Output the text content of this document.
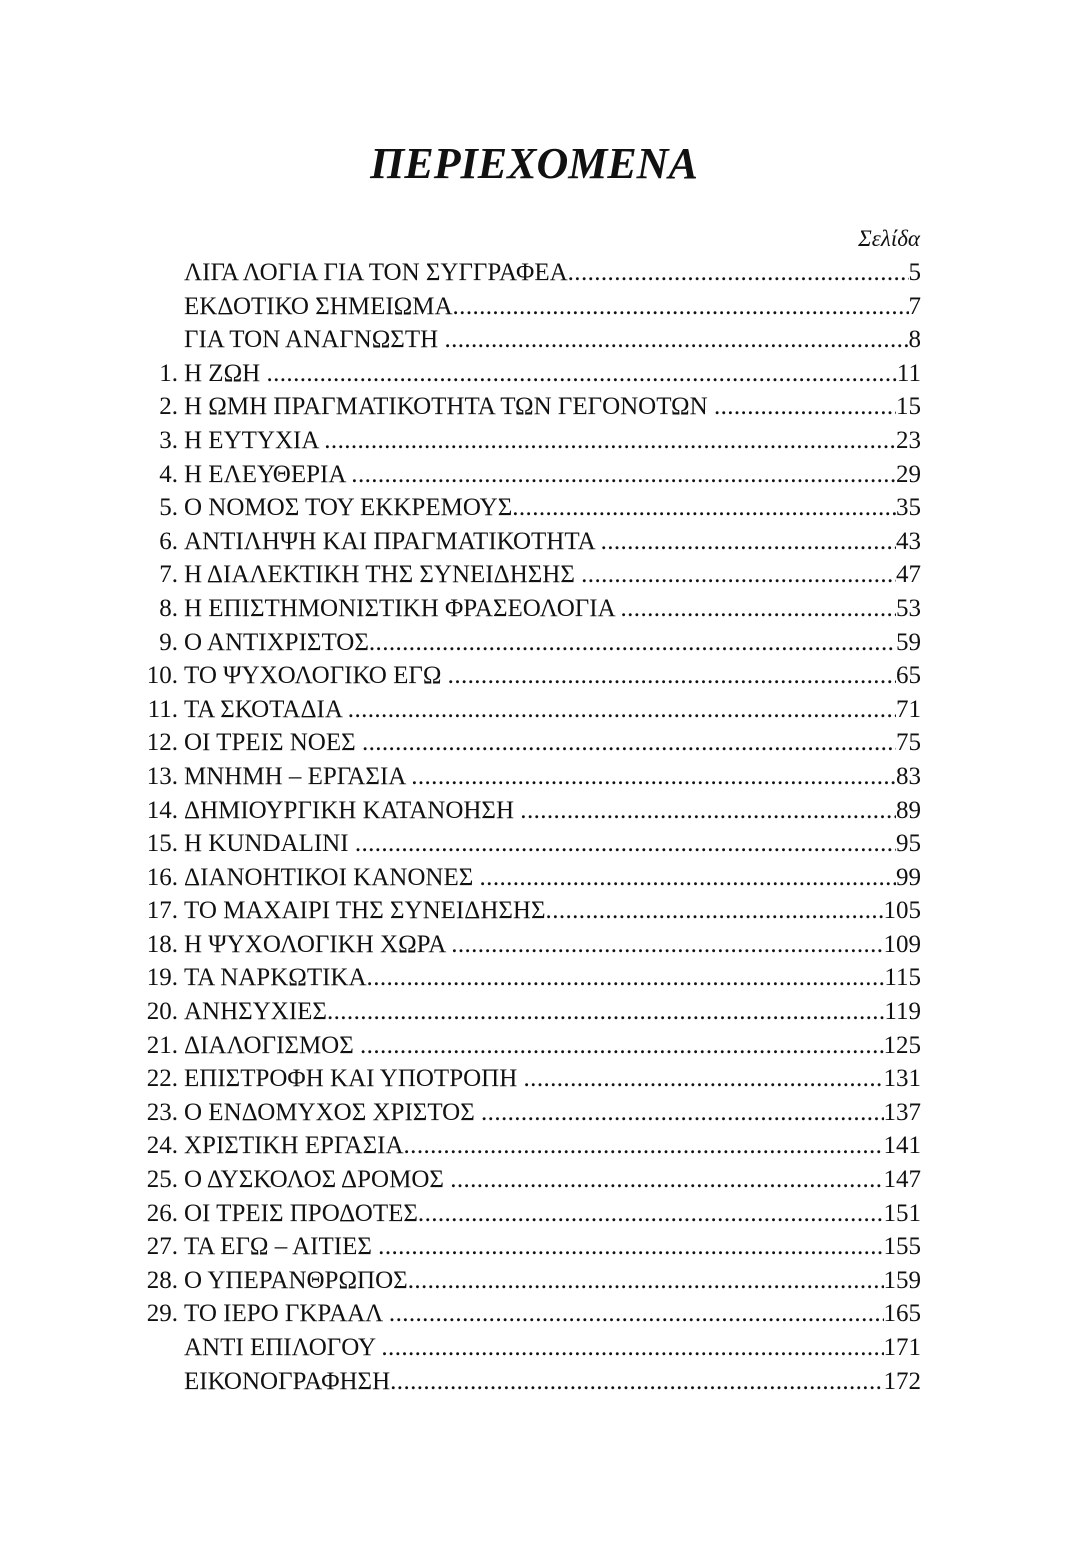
ΠΕΡΙΕΧΟΜΕΝΑ
Σελίδα
ΛΙΓΑ ΛΟΓΙΑ ΓΙΑ ΤΟΝ ΣΥΓΓΡΑΦΕΑ .....	5
ΕΚΔΟΤΙΚΟ ΣΗΜΕΙΩΜΑ .....	7
ΓΙΑ ΤΟΝ ΑΝΑΓΝΩΣΤΗ .....	8
1. Η ΖΩΗ .....	11
2. Η ΩΜΗ ΠΡΑΓΜΑΤΙΚΟΤΗΤΑ ΤΩΝ ΓΕΓΟΝΟΤΩΝ .....	15
3. Η ΕΥΤΥΧΙΑ .....	23
4. Η ΕΛΕΥΘΕΡΙΑ .....	29
5. Ο ΝΟΜΟΣ ΤΟΥ ΕΚΚΡΕΜΟΥΣ .....	35
6. ΑΝΤΙΛΗΨΗ ΚΑΙ ΠΡΑΓΜΑΤΙΚΟΤΗΤΑ .....	43
7. Η ΔΙΑΛΕΚΤΙΚΗ ΤΗΣ ΣΥΝΕΙΔΗΣΗΣ .....	47
8. Η ΕΠΙΣΤΗΜΟΝΙΣΤΙΚΗ ΦΡΑΣΕΟΛΟΓΙΑ .....	53
9. Ο ΑΝΤΙΧΡΙΣΤΟΣ .....	59
10. ΤΟ ΨΥΧΟΛΟΓΙΚΟ ΕΓΩ .....	65
11. ΤΑ ΣΚΟΤΑΔΙΑ .....	71
12. ΟΙ ΤΡΕΙΣ ΝΟΕΣ .....	75
13. ΜΝΗΜΗ – ΕΡΓΑΣΙΑ .....	83
14. ΔΗΜΙΟΥΡΓΙΚΗ ΚΑΤΑΝΟΗΣΗ .....	89
15. Η KUNDALINI .....	95
16. ΔΙΑΝΟΗΤΙΚΟΙ ΚΑΝΟΝΕΣ .....	99
17. ΤΟ ΜΑΧΑΙΡΙ ΤΗΣ ΣΥΝΕΙΔΗΣΗΣ .....	105
18. Η ΨΥΧΟΛΟΓΙΚΗ ΧΩΡΑ .....	109
19. ΤΑ ΝΑΡΚΩΤΙΚΑ .....	115
20. ΑΝΗΣΥΧΙΕΣ .....	119
21. ΔΙΑΛΟΓΙΣΜΟΣ .....	125
22. ΕΠΙΣΤΡΟΦΗ ΚΑΙ ΥΠΟΤΡΟΠΗ .....	131
23. Ο ΕΝΔΟΜΥΧΟΣ ΧΡΙΣΤΟΣ .....	137
24. ΧΡΙΣΤΙΚΗ ΕΡΓΑΣΙΑ .....	141
25. Ο ΔΥΣΚΟΛΟΣ ΔΡΟΜΟΣ .....	147
26. ΟΙ ΤΡΕΙΣ ΠΡΟΔΟΤΕΣ .....	151
27. ΤΑ ΕΓΩ – ΑΙΤΙΕΣ .....	155
28. Ο ΥΠΕΡΑΝΘΡΩΠΟΣ .....	159
29. ΤΟ ΙΕΡΟ ΓΚΡΑΑΛ .....	165
ΑΝΤΙ ΕΠΙΛΟΓΟΥ .....	171
ΕΙΚΟΝΟΓΡΑΦΗΣΗ .....	172
